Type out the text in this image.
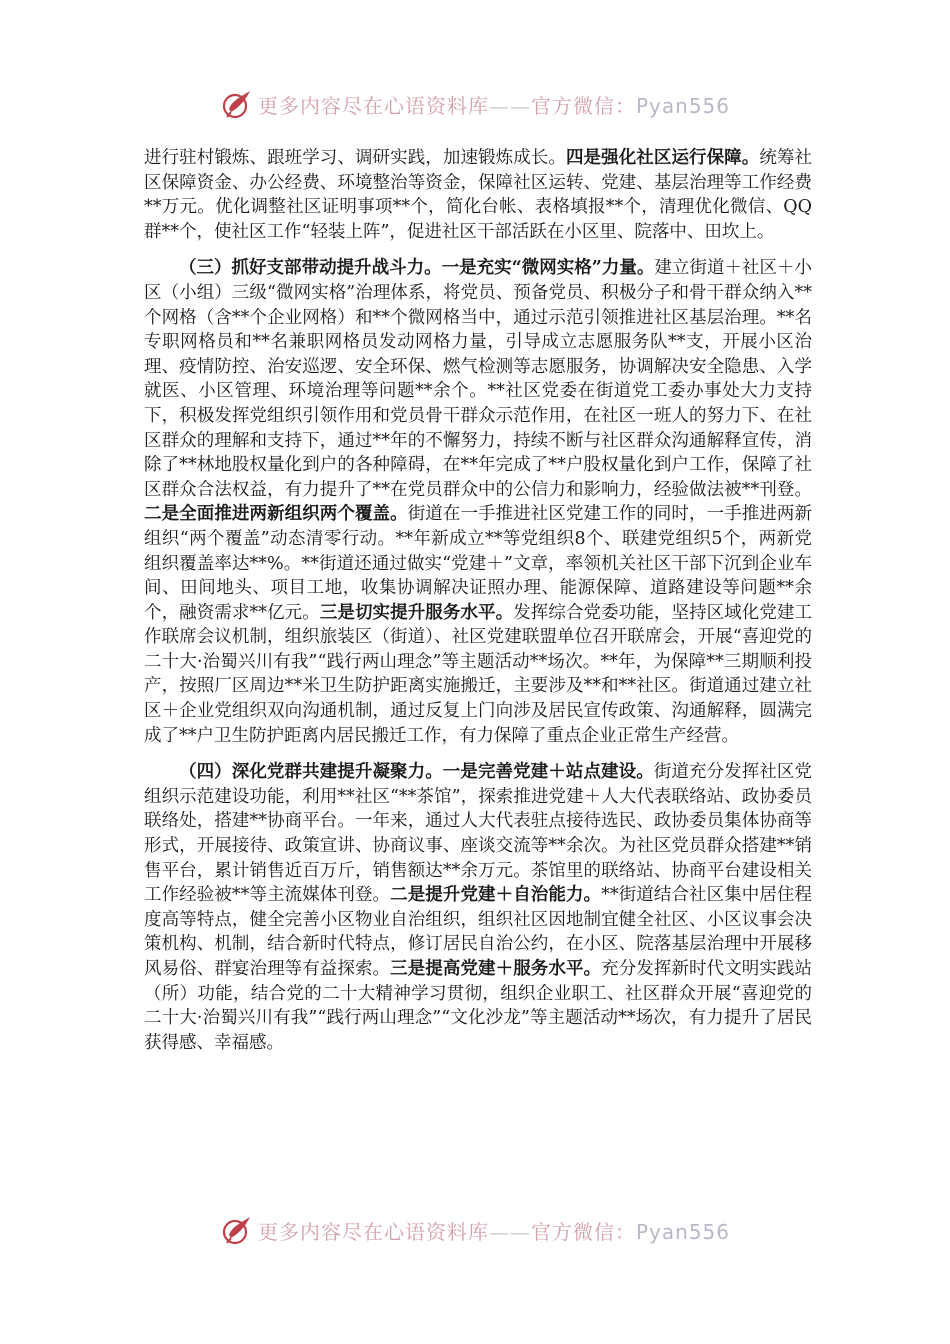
更多内容尽在心语资料库——官方微信：Pyan556

进行驻村锻炼、跟班学习、调研实践，加速锻炼成长。四是强化社区运行保障。统筹社区保障资金、办公经费、环境整治等资金，保障社区运转、党建、基层治理等工作经费**万元。优化调整社区证明事项**个，简化台帐、表格填报**个，清理优化微信、QQ群**个，使社区工作“轻装上阵”，促进社区干部活跃在小区里、院落中、田坎上。

（三）抓好支部带动提升战斗力。一是充实“微网实格”力量。建立街道＋社区＋小区（小组）三级“微网实格”治理体系，将党员、预备党员、积极分子和骨干群众纳入**个网格（含**个企业网格）和**个微网格当中，通过示范引领推进社区基层治理。**名专职网格员和**名兼职网格员发动网格力量，引导成立志愿服务队**支，开展小区治理、疫情防控、治安巡逻、安全环保、燃气检测等志愿服务，协调解决安全隐患、入学就医、小区管理、环境治理等问题**余个。**社区党委在街道党工委办事处大力支持下，积极发挥党组织引领作用和党员骨干群众示范作用，在社区一班人的努力下、在社区群众的理解和支持下，通过**年的不懈努力，持续不断与社区群众沟通解释宣传，消除了**林地股权量化到户的各种障碍，在**年完成了**户股权量化到户工作，保障了社区群众合法权益，有力提升了**在党员群众中的公信力和影响力，经验做法被**刊登。二是全面推进两新组织两个覆盖。街道在一手推进社区党建工作的同时，一手推进两新组织“两个覆盖”动态清零行动。**年新成立**等党组织8个、联建党组织5个，两新党组织覆盖率达**%。**街道还通过做实“党建＋”文章，率领机关社区干部下沉到企业车间、田间地头、项目工地，收集协调解决证照办理、能源保障、道路建设等问题**余个，融资需求**亿元。三是切实提升服务水平。发挥综合党委功能，坚持区域化党建工作联席会议机制，组织旅装区（街道）、社区党建联盟单位召开联席会，开展“喜迎党的二十大·治蜀兴川有我”“践行两山理念”等主题活动**场次。**年，为保障**三期顺利投产，按照厂区周边**米卫生防护距离实施搬迁，主要涉及**和**社区。街道通过建立社区＋企业党组织双向沟通机制，通过反复上门向涉及居民宣传政策、沟通解释，圆满完成了**户卫生防护距离内居民搬迁工作，有力保障了重点企业正常生产经营。

（四）深化党群共建提升凝聚力。一是完善党建＋站点建设。街道充分发挥社区党组织示范建设功能，利用**社区“**茶馆”，探索推进党建＋人大代表联络站、政协委员联络处，搭建**协商平台。一年来，通过人大代表驻点接待选民、政协委员集体协商等形式，开展接待、政策宣讲、协商议事、座谈交流等**余次。为社区党员群众搭建**销售平台，累计销售近百万斤，销售额达**余万元。茶馆里的联络站、协商平台建设相关工作经验被**等主流媒体刊登。二是提升党建＋自治能力。**街道结合社区集中居住程度高等特点，健全完善小区物业自治组织，组织社区因地制宜健全社区、小区议事会决策机构、机制，结合新时代特点，修订居民自治公约，在小区、院落基层治理中开展移风易俗、群宴治理等有益探索。三是提高党建＋服务水平。充分发挥新时代文明实践站（所）功能，结合党的二十大精神学习贯彻，组织企业职工、社区群众开展“喜迎党的二十大·治蜀兴川有我”“践行两山理念”“文化沙龙”等主题活动**场次，有力提升了居民获得感、幸福感。

更多内容尽在心语资料库——官方微信：Pyan556
